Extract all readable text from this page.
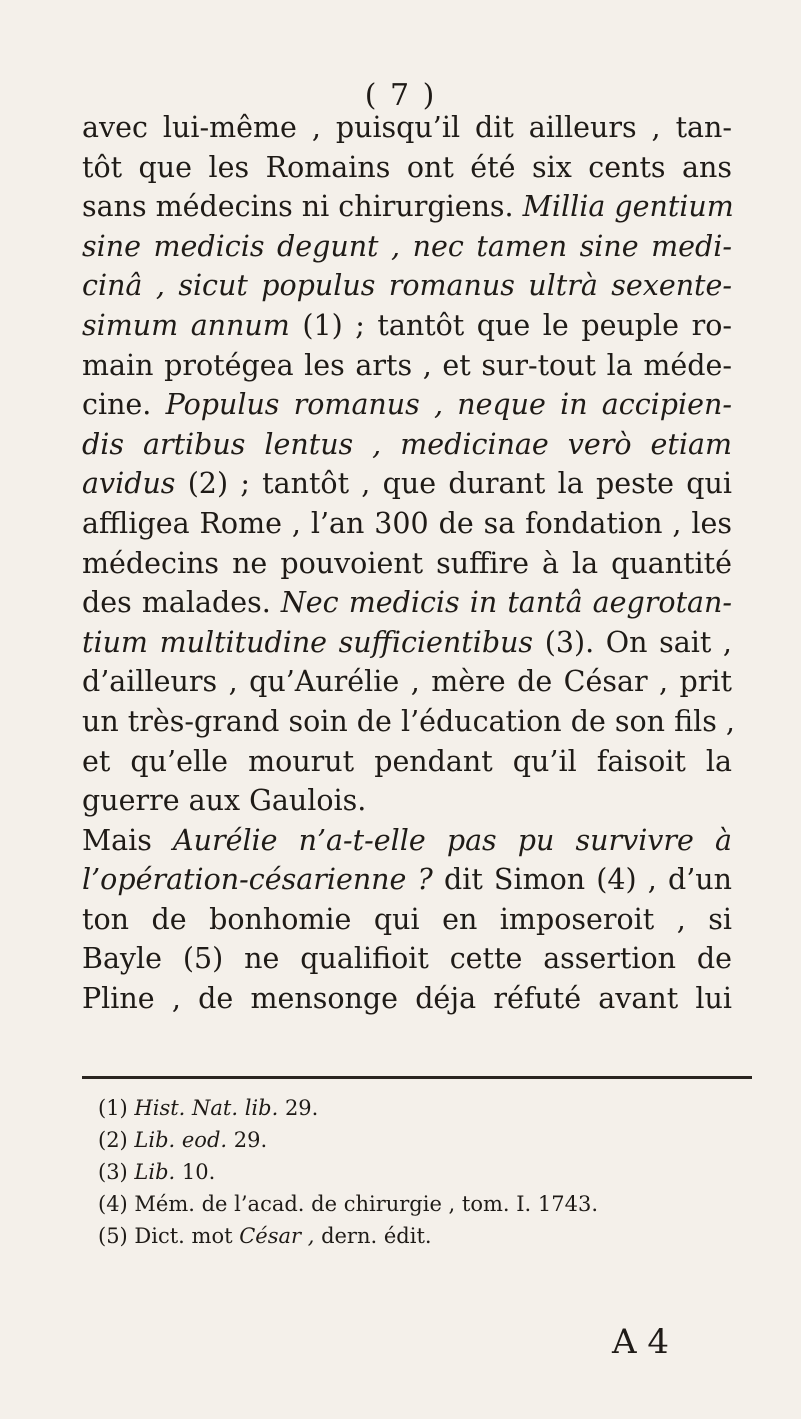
( 7 )
avec lui-même , puisqu’il dit ailleurs , tan-
tôt que les Romains ont été six cents ans
sans médecins ni chirurgiens. Millia gentium
sine medicis degunt , nec tamen sine medi-
cinâ , sicut populus romanus ultrà sexente-
simum annum (1) ; tantôt que le peuple ro-
main protégea les arts , et sur-tout la méde-
cine. Populus romanus , neque in accipien-
dis artibus lentus , medicinae verò etiam
avidus (2) ; tantôt , que durant la peste qui
affligea Rome , l’an 300 de sa fondation , les
médecins ne pouvoient suffire à la quantité
des malades. Nec medicis in tantâ aegrotan-
tium multitudine sufficientibus (3). On sait ,
d’ailleurs , qu’Aurélie , mère de César , prit
un très-grand soin de l’éducation de son fils ,
et qu’elle mourut pendant qu’il faisoit la
guerre aux Gaulois.
Mais Aurélie n’a-t-elle pas pu survivre à
l’opération-césarienne ? dit Simon (4) , d’un
ton de bonhomie qui en imposeroit , si
Bayle (5) ne qualifioit cette assertion de
Pline , de mensonge déja réfuté avant lui
(1) Hist. Nat. lib. 29.
(2) Lib. eod. 29.
(3) Lib. 10.
(4) Mém. de l’acad. de chirurgie , tom. I. 1743.
(5) Dict. mot César , dern. édit.
A 4
